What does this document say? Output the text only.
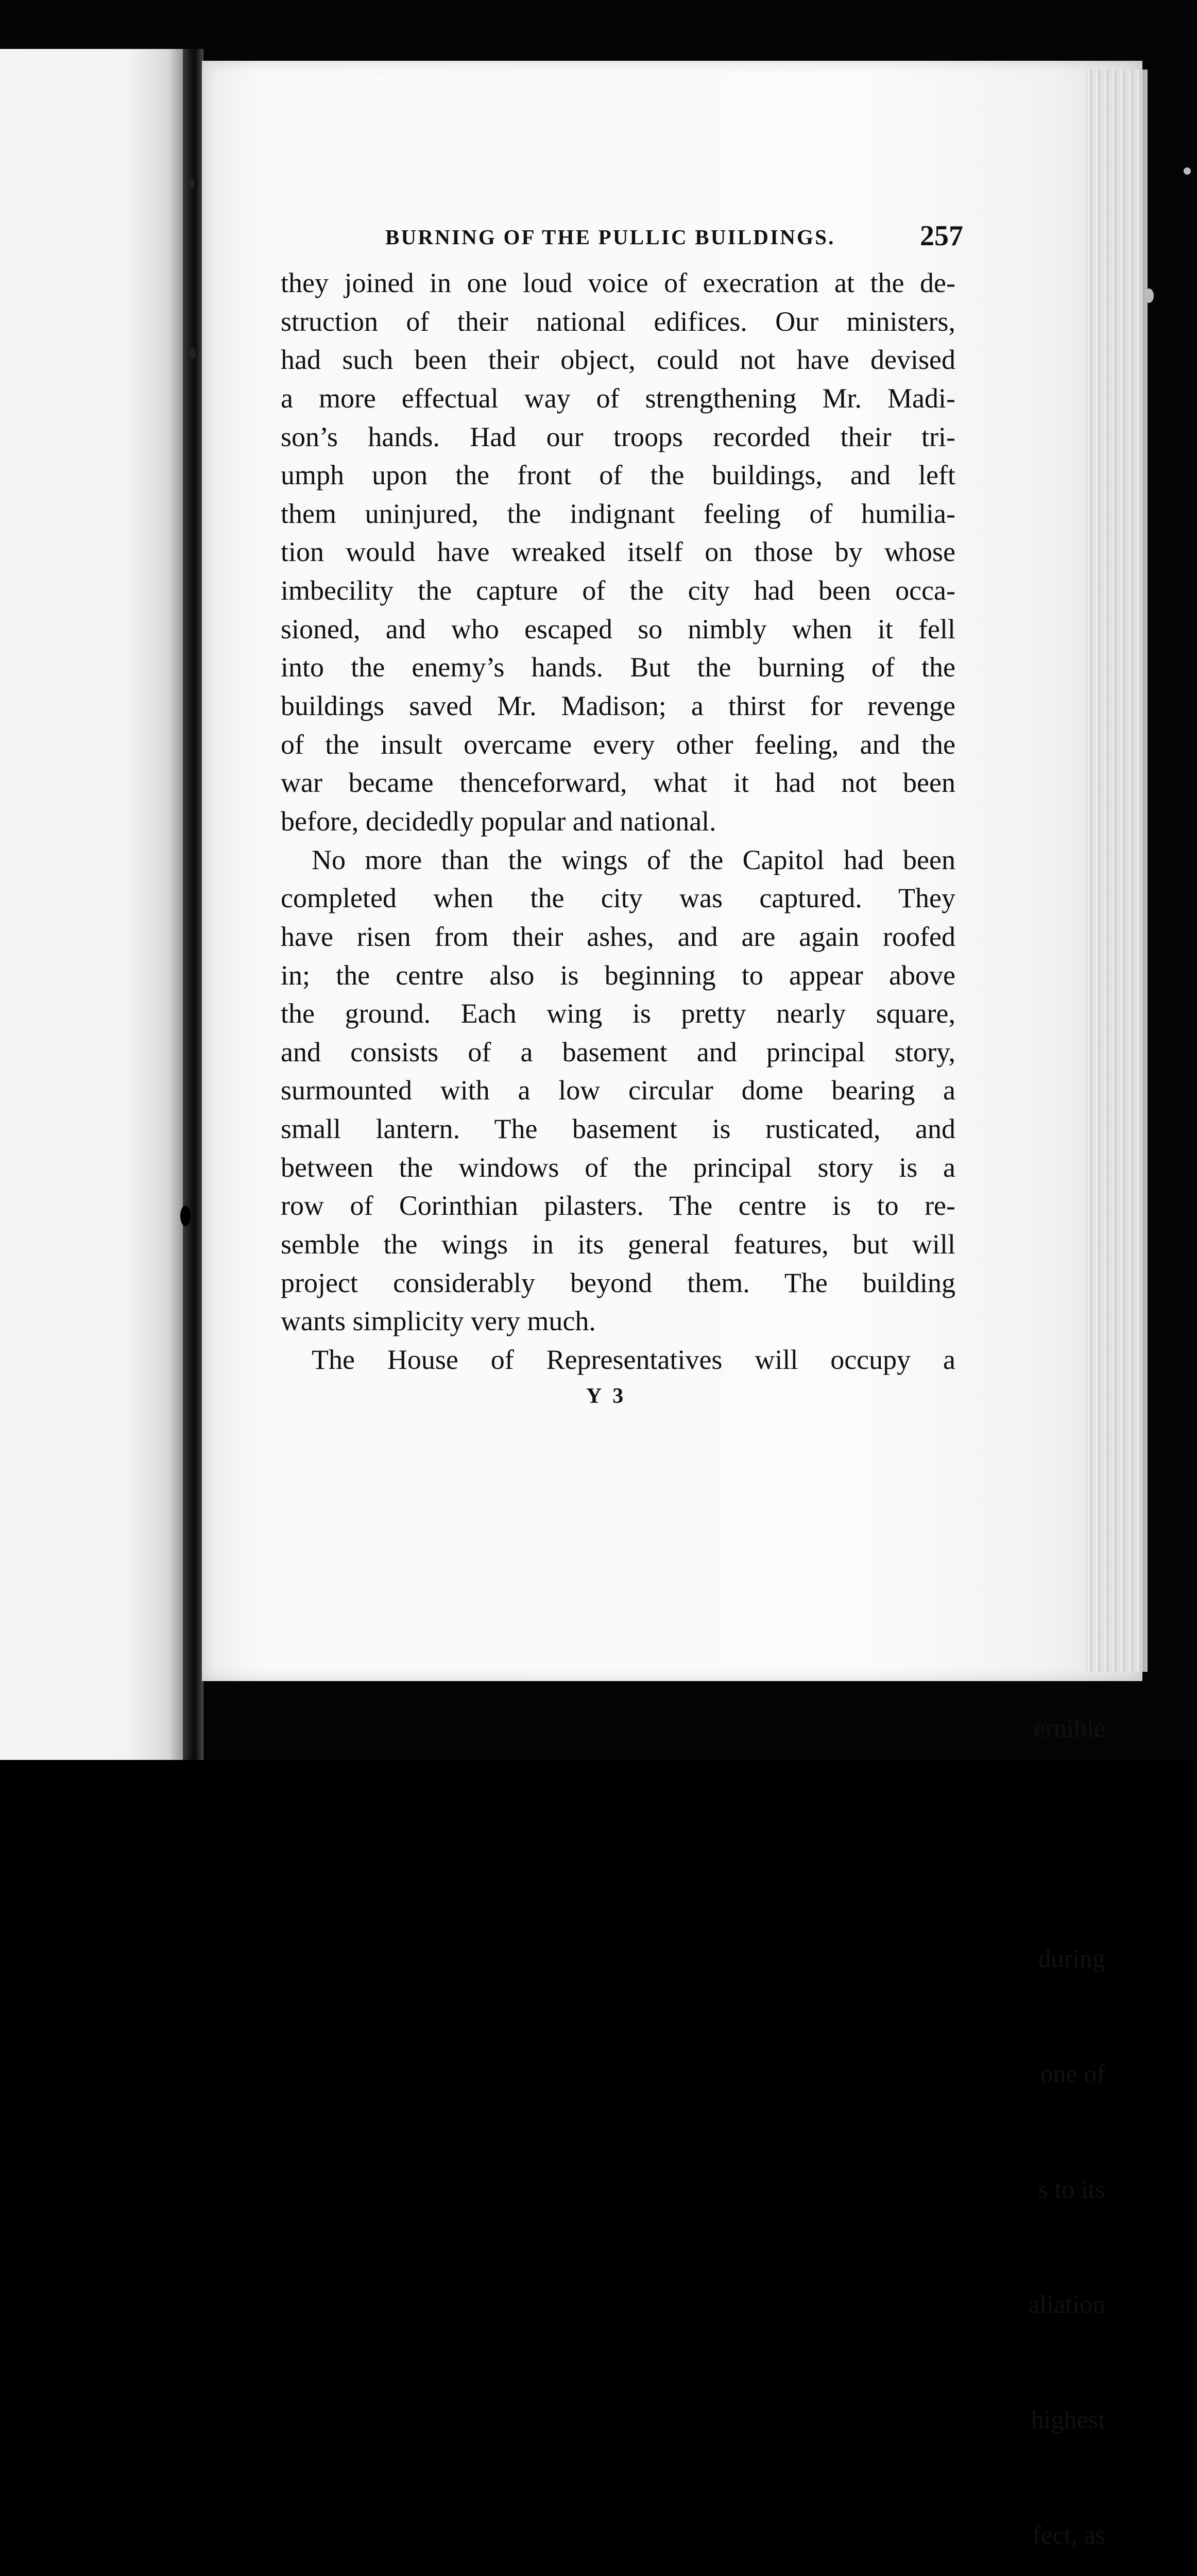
ernible

during

one of

s to its

aliation

highest

fect, as

BURNING OF THE PULLIC BUILDINGS.	257
they joined in one loud voice of execration at the de-
struction of their national edifices. Our ministers,
had such been their object, could not have devised
a more effectual way of strengthening Mr. Madi-
son’s hands. Had our troops recorded their tri-
umph upon the front of the buildings, and left
them uninjured, the indignant feeling of humilia-
tion would have wreaked itself on those by whose
imbecility the capture of the city had been occa-
sioned, and who escaped so nimbly when it fell
into the enemy’s hands. But the burning of the
buildings saved Mr. Madison; a thirst for revenge
of the insult overcame every other feeling, and the
war became thenceforward, what it had not been
before, decidedly popular and national.
No more than the wings of the Capitol had been
completed when the city was captured. They
have risen from their ashes, and are again roofed
in; the centre also is beginning to appear above
the ground. Each wing is pretty nearly square,
and consists of a basement and principal story,
surmounted with a low circular dome bearing a
small lantern. The basement is rusticated, and
between the windows of the principal story is a
row of Corinthian pilasters. The centre is to re-
semble the wings in its general features, but will
project considerably beyond them. The building
wants simplicity very much.
The House of Representatives will occupy a
Y 3
